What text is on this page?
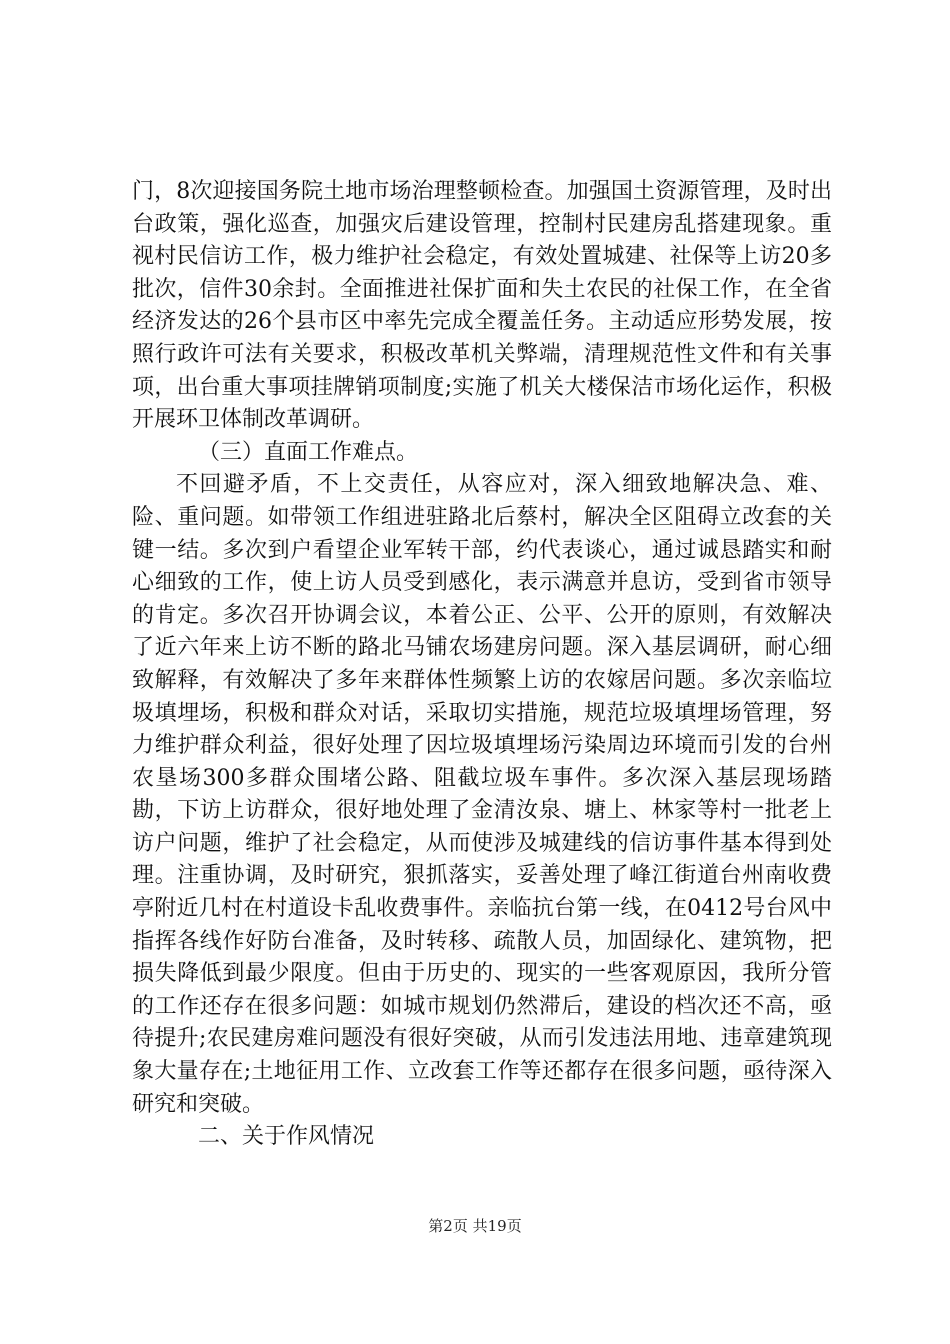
门，8次迎接国务院土地市场治理整顿检查。加强国土资源管理，及时出台政策，强化巡查，加强灾后建设管理，控制村民建房乱搭建现象。重视村民信访工作，极力维护社会稳定，有效处置城建、社保等上访20多批次，信件30余封。全面推进社保扩面和失土农民的社保工作，在全省经济发达的26个县市区中率先完成全覆盖任务。主动适应形势发展，按照行政许可法有关要求，积极改革机关弊端，清理规范性文件和有关事项，出台重大事项挂牌销项制度;实施了机关大楼保洁市场化运作，积极开展环卫体制改革调研。

（三）直面工作难点。

不回避矛盾，不上交责任，从容应对，深入细致地解决急、难、险、重问题。如带领工作组进驻路北后蔡村，解决全区阻碍立改套的关键一结。多次到户看望企业军转干部，约代表谈心，通过诚恳踏实和耐心细致的工作，使上访人员受到感化，表示满意并息访，受到省市领导的肯定。多次召开协调会议，本着公正、公平、公开的原则，有效解决了近六年来上访不断的路北马铺农场建房问题。深入基层调研，耐心细致解释，有效解决了多年来群体性频繁上访的农嫁居问题。多次亲临垃圾填埋场，积极和群众对话，采取切实措施，规范垃圾填埋场管理，努力维护群众利益，很好处理了因垃圾填埋场污染周边环境而引发的台州农垦场300多群众围堵公路、阻截垃圾车事件。多次深入基层现场踏勘，下访上访群众，很好地处理了金清汝泉、塘上、林家等村一批老上访户问题，维护了社会稳定，从而使涉及城建线的信访事件基本得到处理。注重协调，及时研究，狠抓落实，妥善处理了峰江街道台州南收费亭附近几村在村道设卡乱收费事件。亲临抗台第一线，在0412号台风中指挥各线作好防台准备，及时转移、疏散人员，加固绿化、建筑物，把损失降低到最少限度。但由于历史的、现实的一些客观原因，我所分管的工作还存在很多问题：如城市规划仍然滞后，建设的档次还不高，亟待提升;农民建房难问题没有很好突破，从而引发违法用地、违章建筑现象大量存在;土地征用工作、立改套工作等还都存在很多问题，亟待深入研究和突破。

二、关于作风情况

第2页 共19页
